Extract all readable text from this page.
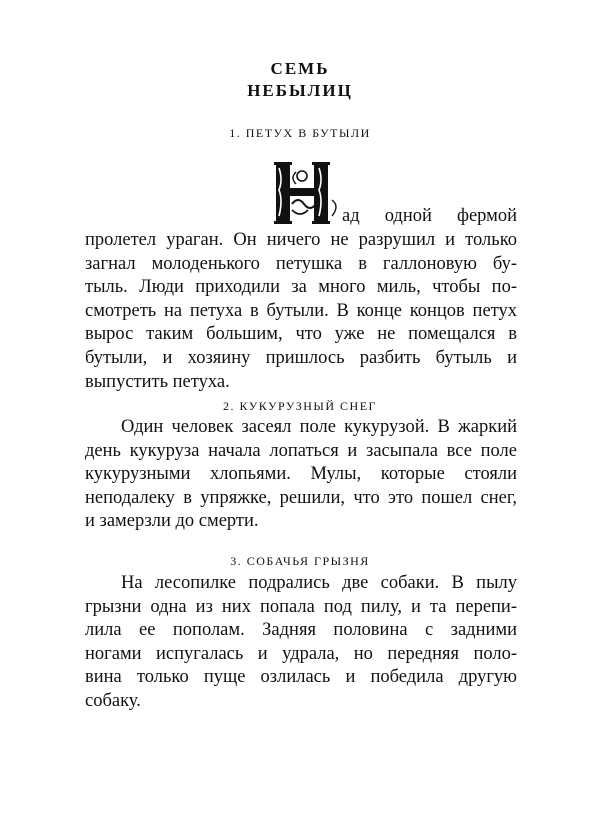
СЕМЬ
НЕБЫЛИЦ
1. ПЕТУХ В БУТЫЛИ
Н
ад одной фермой
пролетел ураган. Он ничего не разрушил и только
загнал молоденького петушка в галлоновую бу-
тыль. Люди приходили за много миль, чтобы по-
смотреть на петуха в бутыли. В конце концов петух
вырос таким большим, что уже не помещался в
бутыли, и хозяину пришлось разбить бутыль и
выпустить петуха.
2. КУКУРУЗНЫЙ СНЕГ
Один человек засеял поле кукурузой. В жаркий
день кукуруза начала лопаться и засыпала все поле
кукурузными хлопьями. Мулы, которые стояли
неподалеку в упряжке, решили, что это пошел снег,
и замерзли до смерти.
3. СОБАЧЬЯ ГРЫЗНЯ
На лесопилке подрались две собаки. В пылу
грызни одна из них попала под пилу, и та перепи-
лила ее пополам. Задняя половина с задними
ногами испугалась и удрала, но передняя поло-
вина только пуще озлилась и победила другую
собаку.
